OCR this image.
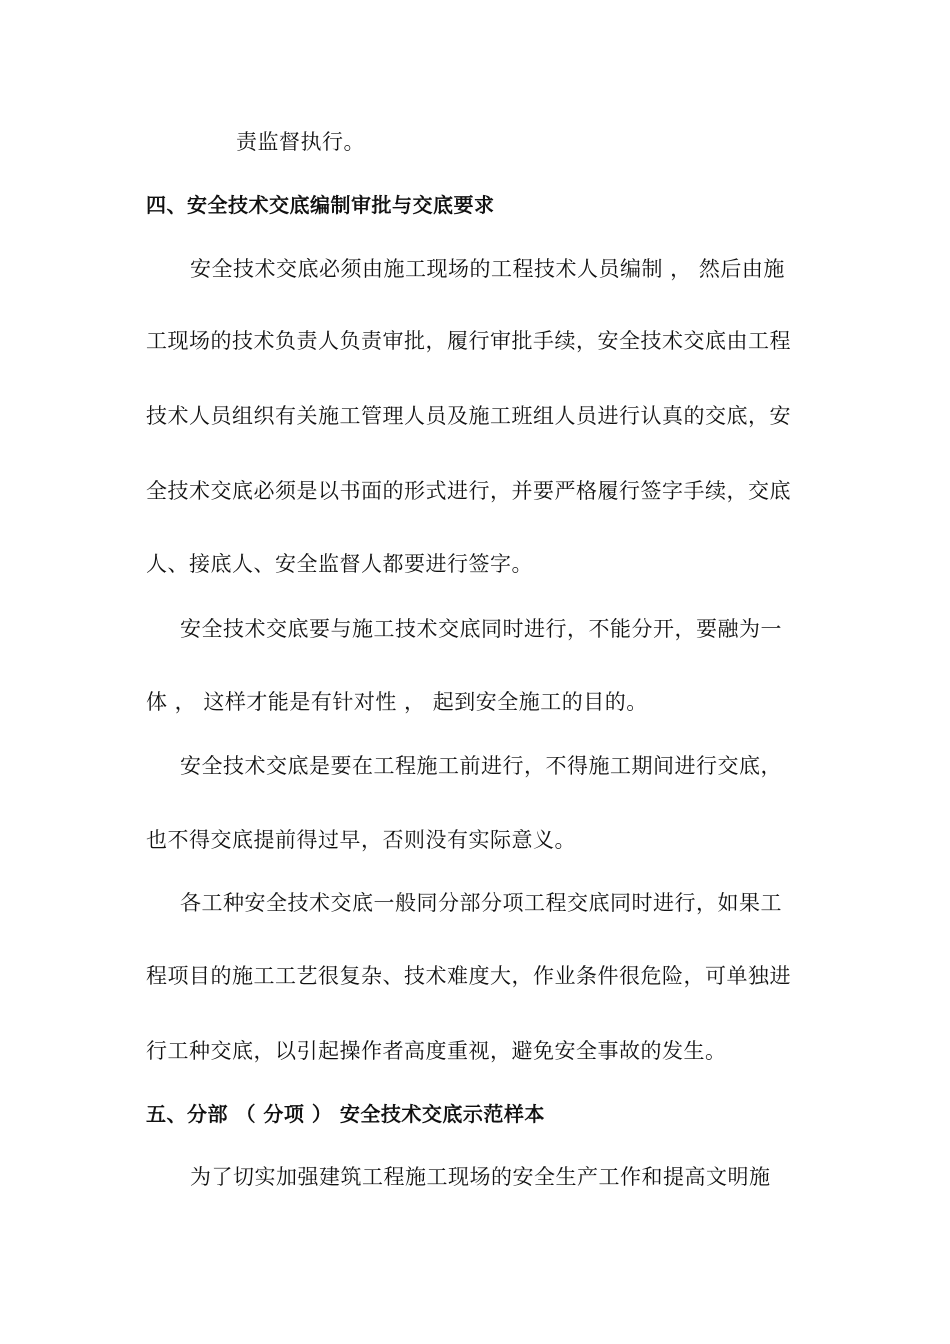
责监督执行。
四、安全技术交底编制审批与交底要求
安全技术交底必须由施工现场的工程技术人员编制 ， 然后由施
工现场的技术负责人负责审批，履行审批手续，安全技术交底由工程
技术人员组织有关施工管理人员及施工班组人员进行认真的交底，安
全技术交底必须是以书面的形式进行，并要严格履行签字手续，交底
人、接底人、安全监督人都要进行签字。
安全技术交底要与施工技术交底同时进行，不能分开，要融为一
体 ， 这样才能是有针对性 ， 起到安全施工的目的。
安全技术交底是要在工程施工前进行，不得施工期间进行交底，
也不得交底提前得过早，否则没有实际意义。
各工种安全技术交底一般同分部分项工程交底同时进行，如果工
程项目的施工工艺很复杂、技术难度大，作业条件很危险，可单独进
行工种交底，以引起操作者高度重视，避免安全事故的发生。
五、分部 （ 分项 ） 安全技术交底示范样本
为了切实加强建筑工程施工现场的安全生产工作和提高文明施
